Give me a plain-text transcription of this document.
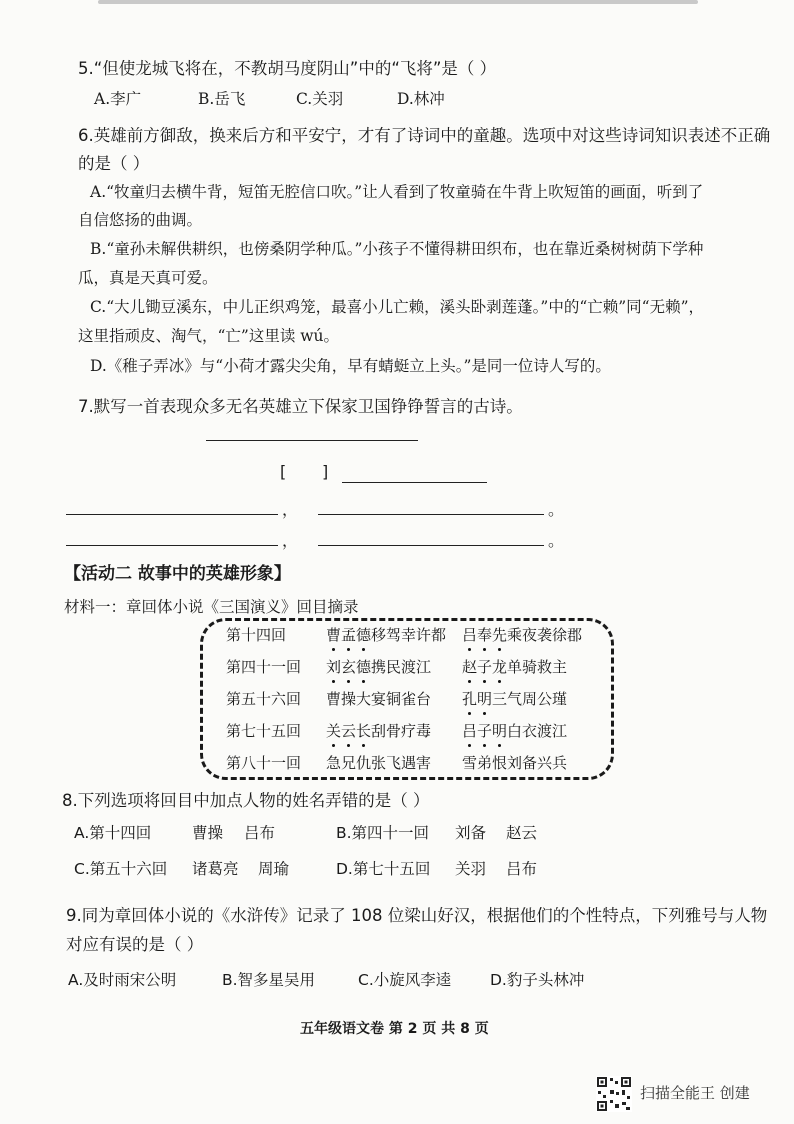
5.“但使龙城飞将在，不教胡马度阴山”中的“飞将”是（ ）
A.李广	B.岳飞	C.关羽	D.林冲
6.英雄前方御敌，换来后方和平安宁，才有了诗词中的童趣。选项中对这些诗词知识表述不正确
的是（ ）
A.“牧童归去横牛背，短笛无腔信口吹。”让人看到了牧童骑在牛背上吹短笛的画面，听到了
自信悠扬的曲调。
B.“童孙未解供耕织，也傍桑阴学种瓜。”小孩子不懂得耕田织布，也在靠近桑树树荫下学种
瓜，真是天真可爱。
C.“大儿锄豆溪东，中儿正织鸡笼，最喜小儿亡赖，溪头卧剥莲蓬。”中的“亡赖”同“无赖”，
这里指顽皮、淘气，“亡”这里读 wú。
D.《稚子弄冰》与“小荷才露尖尖角，早有蜻蜓立上头。”是同一位诗人写的。
7.默写一首表现众多无名英雄立下保家卫国铮铮誓言的古诗。
[ ]
，	。
，	。
【活动二 故事中的英雄形象】
材料一：章回体小说《三国演义》回目摘录
第十四回	曹孟德移驾幸许都 吕奉先乘夜袭徐郡
第四十一回 刘玄德携民渡江 赵子龙单骑救主
第五十六回 曹操大宴铜雀台 孔明三气周公瑾
第七十五回 关云长刮骨疗毒 吕子明白衣渡江
第八十一回 急兄仇张飞遇害 雪弟恨刘备兴兵
8.下列选项将回目中加点人物的姓名弄错的是（ ）
A.第十四回	曹操 吕布	B.第四十一回 刘备 赵云
C.第五十六回 诸葛亮 周瑜	D.第七十五回 关羽 吕布
9.同为章回体小说的《水浒传》记录了 108 位梁山好汉，根据他们的个性特点，下列雅号与人物
对应有误的是（ ）
A.及时雨宋公明	B.智多星吴用	C.小旋风李逵 D.豹子头林冲
五年级语文卷 第 2 页 共 8 页
扫描全能王 创建
